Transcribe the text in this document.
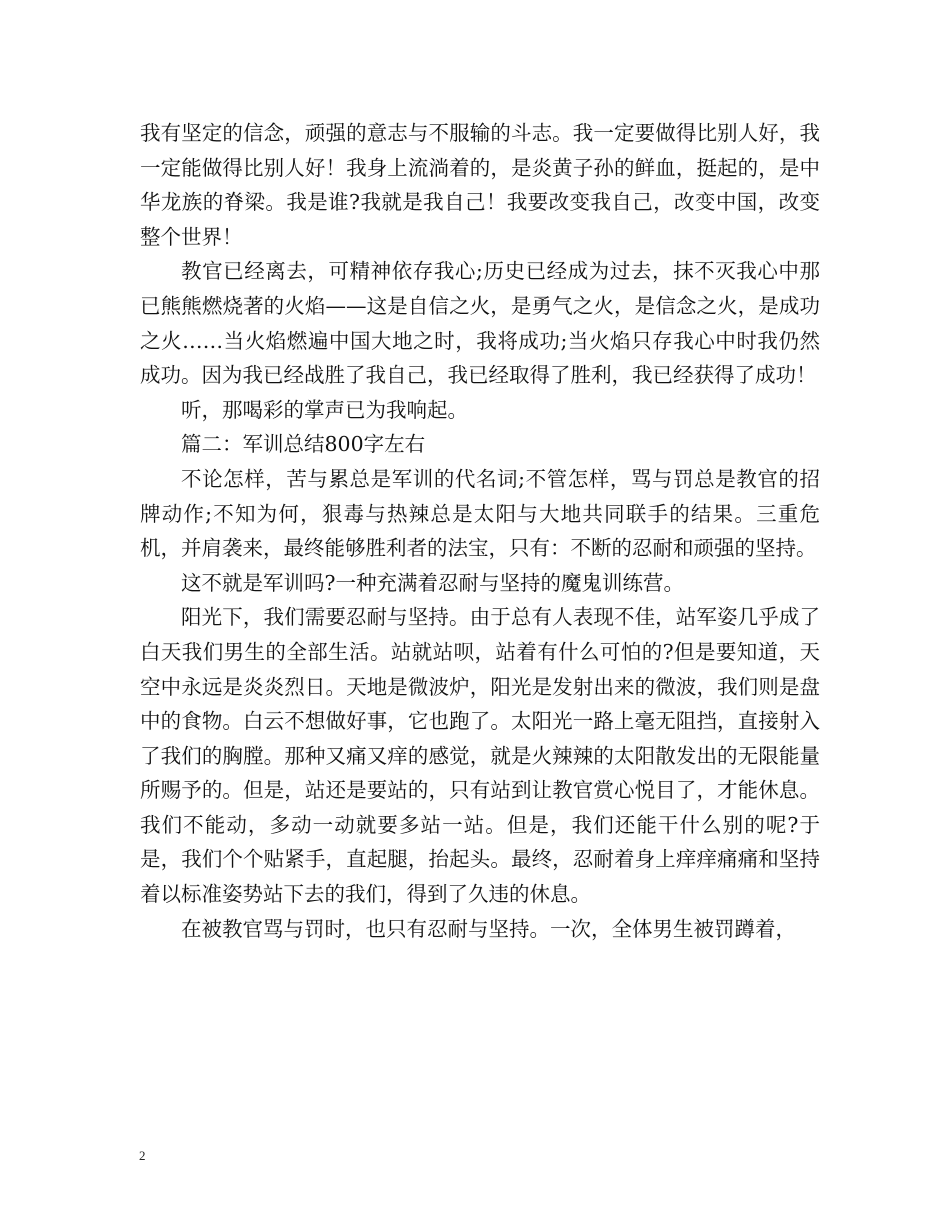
我有坚定的信念，顽强的意志与不服输的斗志。我一定要做得比别人好，我一定能做得比别人好！我身上流淌着的，是炎黄子孙的鲜血，挺起的，是中华龙族的脊梁。我是谁?我就是我自己！我要改变我自己，改变中国，改变整个世界！

教官已经离去，可精神依存我心;历史已经成为过去，抹不灭我心中那已熊熊燃烧著的火焰——这是自信之火，是勇气之火，是信念之火，是成功之火……当火焰燃遍中国大地之时，我将成功;当火焰只存我心中时我仍然成功。因为我已经战胜了我自己，我已经取得了胜利，我已经获得了成功！

听，那喝彩的掌声已为我响起。

篇二：军训总结800字左右

不论怎样，苦与累总是军训的代名词;不管怎样，骂与罚总是教官的招牌动作;不知为何，狠毒与热辣总是太阳与大地共同联手的结果。三重危机，并肩袭来，最终能够胜利者的法宝，只有：不断的忍耐和顽强的坚持。

这不就是军训吗?一种充满着忍耐与坚持的魔鬼训练营。

阳光下，我们需要忍耐与坚持。由于总有人表现不佳，站军姿几乎成了白天我们男生的全部生活。站就站呗，站着有什么可怕的?但是要知道，天空中永远是炎炎烈日。天地是微波炉，阳光是发射出来的微波，我们则是盘中的食物。白云不想做好事，它也跑了。太阳光一路上毫无阻挡，直接射入了我们的胸膛。那种又痛又痒的感觉，就是火辣辣的太阳散发出的无限能量所赐予的。但是，站还是要站的，只有站到让教官赏心悦目了，才能休息。我们不能动，多动一动就要多站一站。但是，我们还能干什么别的呢?于是，我们个个贴紧手，直起腿，抬起头。最终，忍耐着身上痒痒痛痛和坚持着以标准姿势站下去的我们，得到了久违的休息。

在被教官骂与罚时，也只有忍耐与坚持。一次，全体男生被罚蹲着，

2
